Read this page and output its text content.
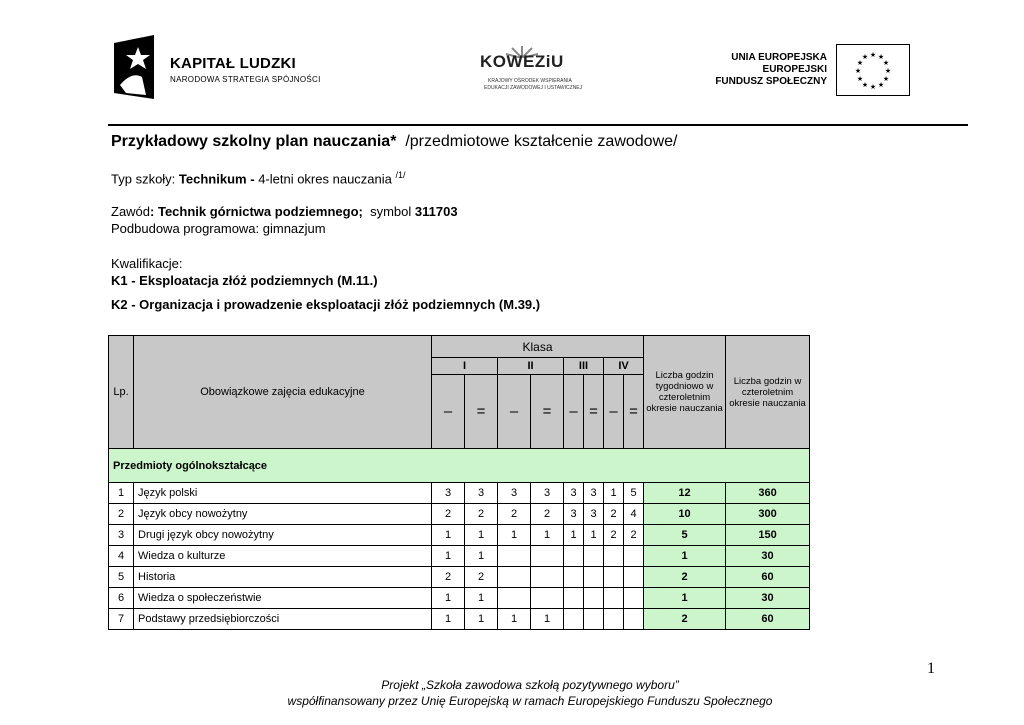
KAPITAŁ LUDZKI
NARODOWA STRATEGIA SPÓJNOŚCI
KOWEZiU
KRAJOWY OŚRODEK WSPIERANIA
EDUKACJI ZAWODOWEJ I USTAWICZNEJ
UNIA EUROPEJSKA
EUROPEJSKI
FUNDUSZ SPOŁECZNY
★ ★
★
★
★
★
★
★
★
★
★
★
Przykładowy szkolny plan nauczania* /przedmiotowe kształcenie zawodowe/
Typ szkoły: Technikum - 4-letni okres nauczania $^{/1/}$
Zawód: Technik górnictwa podziemnego; symbol 311703
Podbudowa programowa: gimnazjum
Kwalifikacje:
K1 - Eksploatacja złóż podziemnych (M.11.)
K2 - Organizacja i prowadzenie eksploatacji złóż podziemnych (M.39.)
Lp.	Obowiązkowe zajęcia edukacyjne	Klasa								Liczba godzin tygodniowo w czteroletnim okresie nauczania	Liczba godzin w czteroletnim okresie nauczania
		I		II		III		IV			
		–	=	–	=	–	=	–	=		
Przedmioty ogólnokształcące											
1	Język polski	3	3	3	3	3	3	1	5	12	360
2	Język obcy nowożytny	2	2	2	2	3	3	2	4	10	300
3	Drugi język obcy nowożytny	1	1	1	1	1	1	2	2	5	150
4	Wiedza o kulturze	1	1							1	30
5	Historia	2	2							2	60
6	Wiedza o społeczeństwie	1	1							1	30
7	Podstawy przedsiębiorczości	1	1	1	1					2	60
1
Projekt „Szkoła zawodowa szkołą pozytywnego wyboru”
współfinansowany przez Unię Europejską w ramach Europejskiego Funduszu Społecznego
